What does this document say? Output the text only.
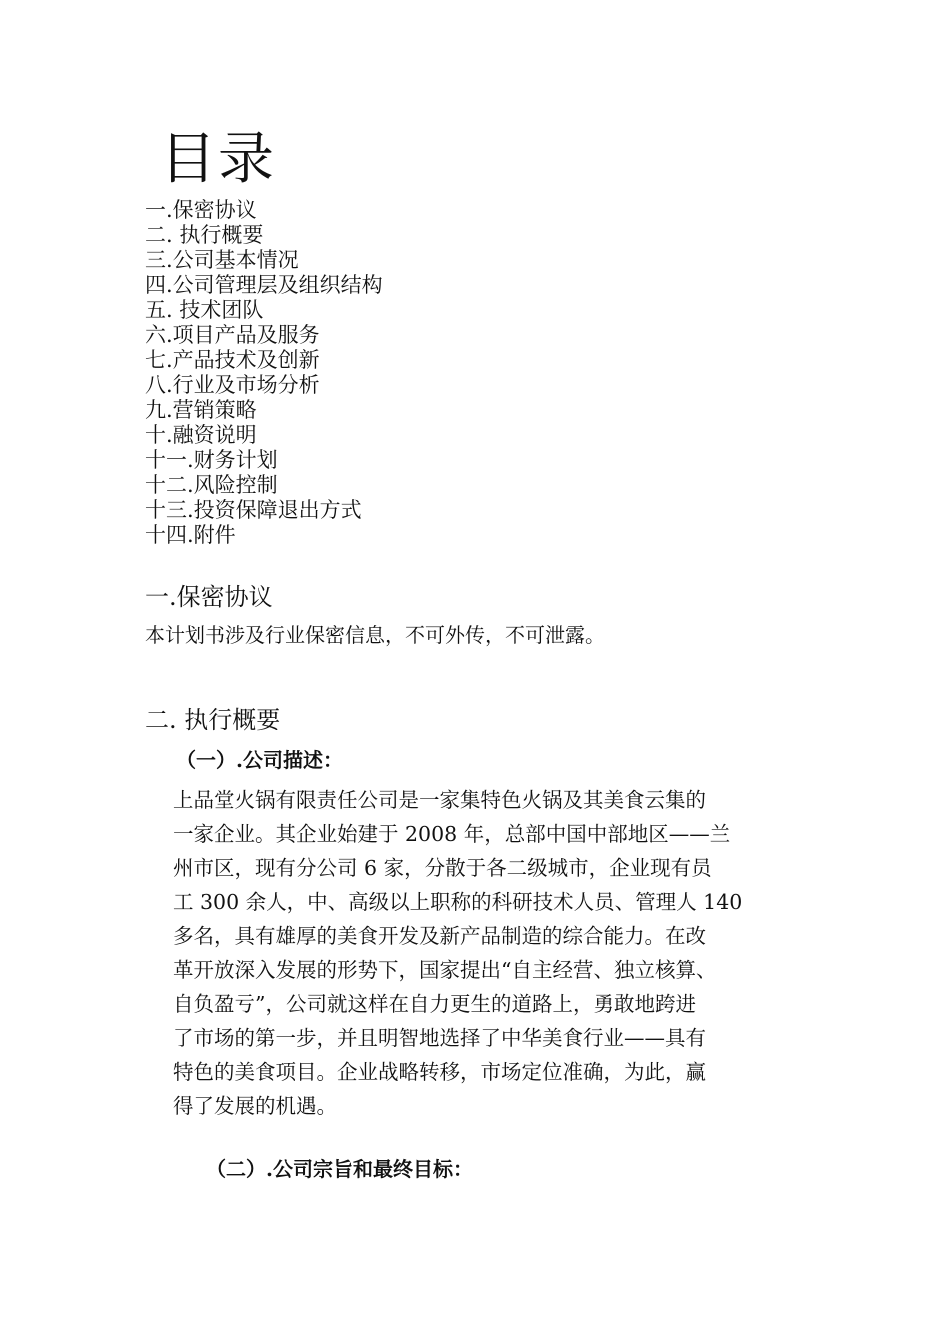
目录
一.保密协议
二. 执行概要
三.公司基本情况
四.公司管理层及组织结构
五. 技术团队
六.项目产品及服务
七.产品技术及创新
八.行业及市场分析
九.营销策略
十.融资说明
十一.财务计划
十二.风险控制
十三.投资保障退出方式
十四.附件
一.保密协议

本计划书涉及行业保密信息，不可外传，不可泄露。

二. 执行概要

（一）.公司描述：

上品堂火锅有限责任公司是一家集特色火锅及其美食云集的
一家企业。其企业始建于 2008 年，总部中国中部地区——兰
州市区，现有分公司 6 家，分散于各二级城市，企业现有员
工 300 余人，中、高级以上职称的科研技术人员、管理人 140
多名，具有雄厚的美食开发及新产品制造的综合能力。在改
革开放深入发展的形势下，国家提出“自主经营、独立核算、
自负盈亏”，公司就这样在自力更生的道路上，勇敢地跨进
了市场的第一步，并且明智地选择了中华美食行业——具有
特色的美食项目。企业战略转移，市场定位准确，为此，赢
得了发展的机遇。

（二）.公司宗旨和最终目标：
